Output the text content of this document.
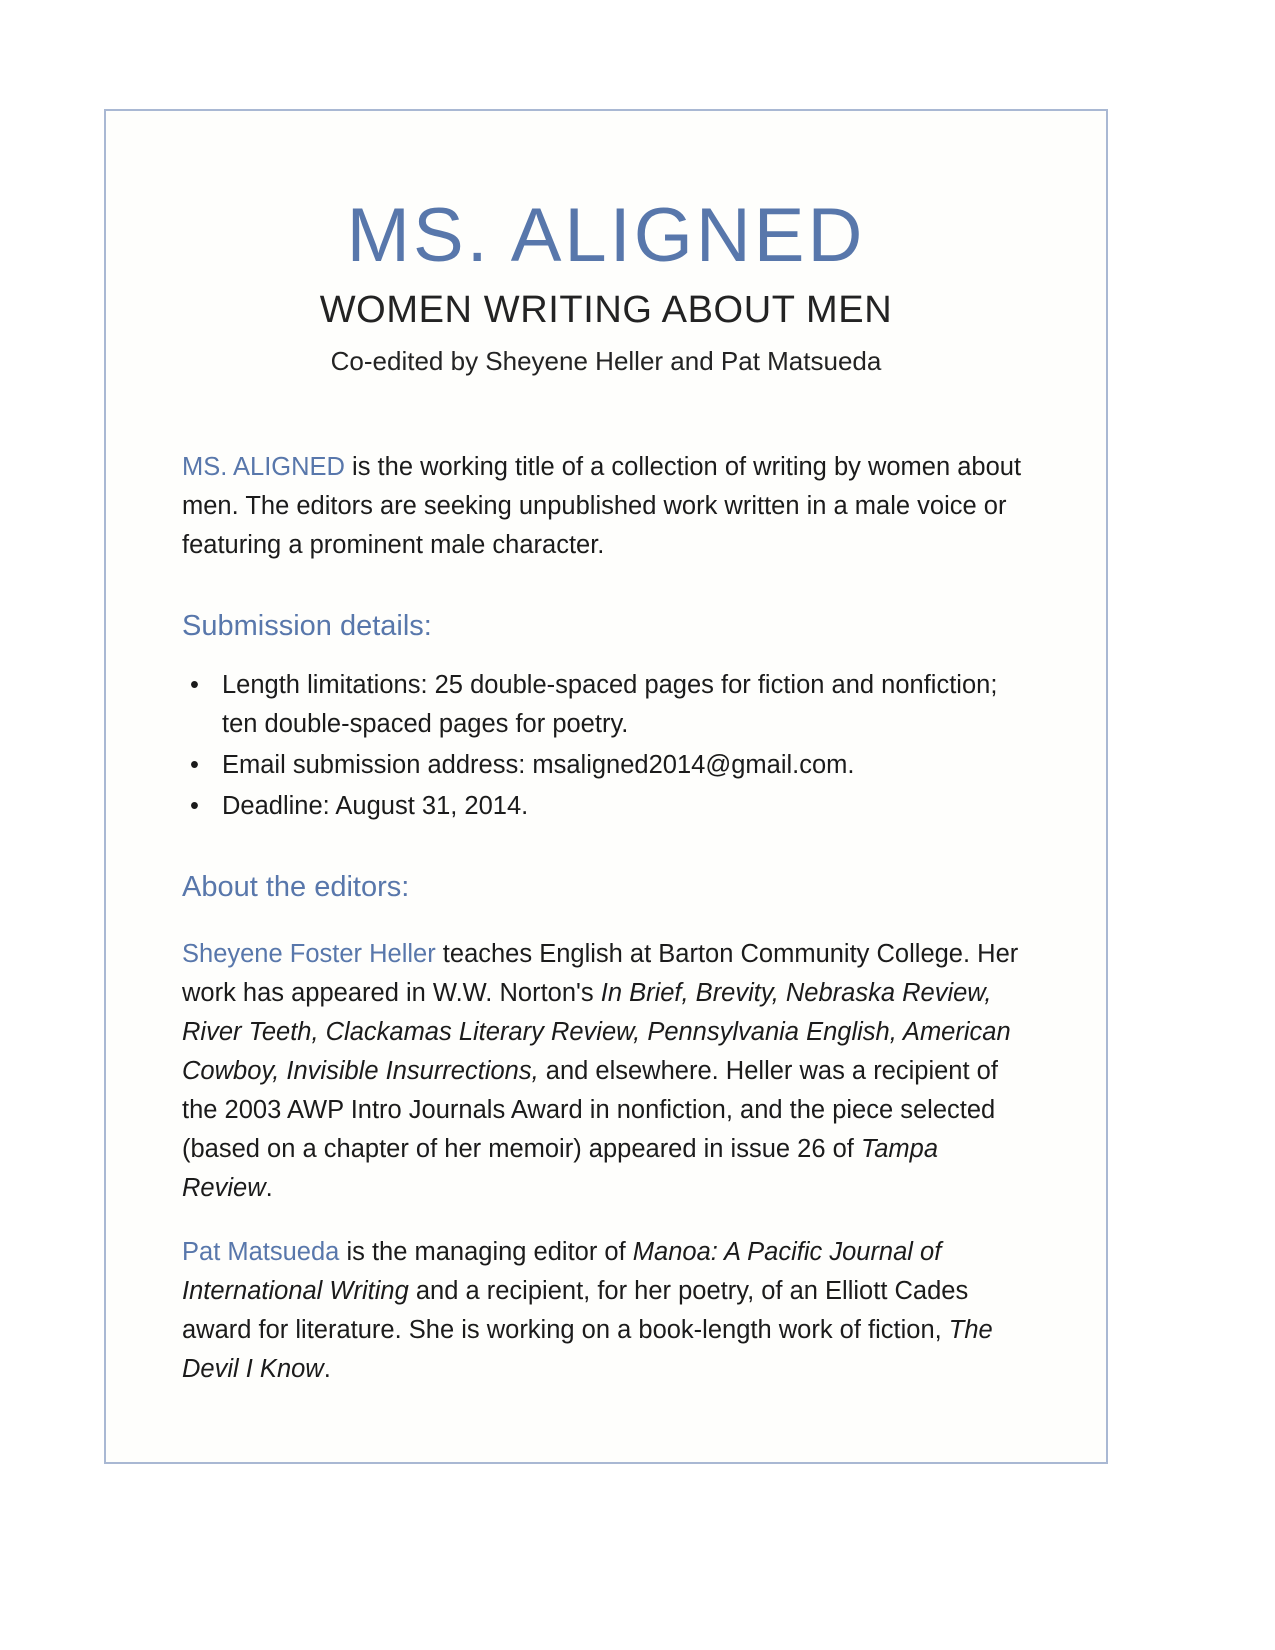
MS. ALIGNED
WOMEN WRITING ABOUT MEN
Co-edited by Sheyene Heller and Pat Matsueda

MS. ALIGNED is the working title of a collection of writing by women about men. The editors are seeking unpublished work written in a male voice or featuring a prominent male character.

Submission details:
• Length limitations: 25 double-spaced pages for fiction and nonfiction; ten double-spaced pages for poetry.
• Email submission address: msaligned2014@gmail.com.
• Deadline: August 31, 2014.
About the editors:

Sheyene Foster Heller teaches English at Barton Community College. Her work has appeared in W.W. Norton's In Brief, Brevity, Nebraska Review, River Teeth, Clackamas Literary Review, Pennsylvania English, American Cowboy, Invisible Insurrections, and elsewhere. Heller was a recipient of the 2003 AWP Intro Journals Award in nonfiction, and the piece selected (based on a chapter of her memoir) appeared in issue 26 of Tampa Review.

Pat Matsueda is the managing editor of Manoa: A Pacific Journal of International Writing and a recipient, for her poetry, of an Elliott Cades award for literature. She is working on a book-length work of fiction, The Devil I Know.
